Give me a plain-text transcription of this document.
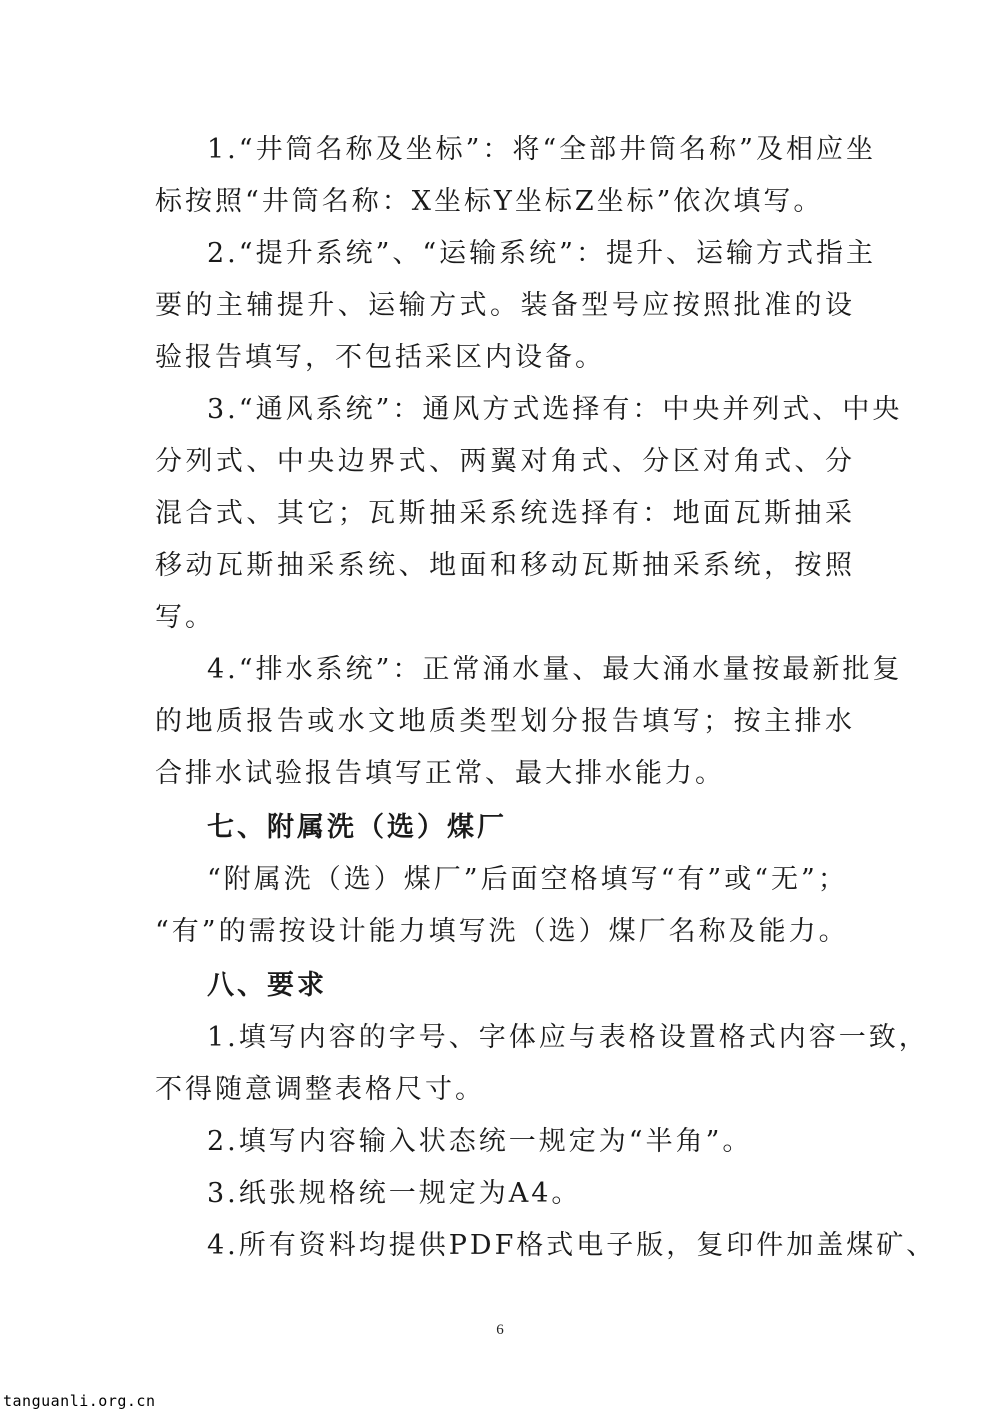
1.“井筒名称及坐标”：将“全部井筒名称”及相应坐
标按照“井筒名称：X坐标Y坐标Z坐标”依次填写。
2.“提升系统”、“运输系统”：提升、运输方式指主
要的主辅提升、运输方式。装备型号应按照批准的设
验报告填写，不包括采区内设备。
3.“通风系统”：通风方式选择有：中央并列式、中央
分列式、中央边界式、两翼对角式、分区对角式、分
混合式、其它；瓦斯抽采系统选择有：地面瓦斯抽采
移动瓦斯抽采系统、地面和移动瓦斯抽采系统，按照
写。
4.“排水系统”：正常涌水量、最大涌水量按最新批复
的地质报告或水文地质类型划分报告填写；按主排水
合排水试验报告填写正常、最大排水能力。
七、附属洗（选）煤厂
“附属洗（选）煤厂”后面空格填写“有”或“无”；
“有”的需按设计能力填写洗（选）煤厂名称及能力。
八、要求
1.填写内容的字号、字体应与表格设置格式内容一致，
不得随意调整表格尺寸。
2.填写内容输入状态统一规定为“半角”。
3.纸张规格统一规定为A4。
4.所有资料均提供PDF格式电子版，复印件加盖煤矿、
6
tanguanli.org.cn
